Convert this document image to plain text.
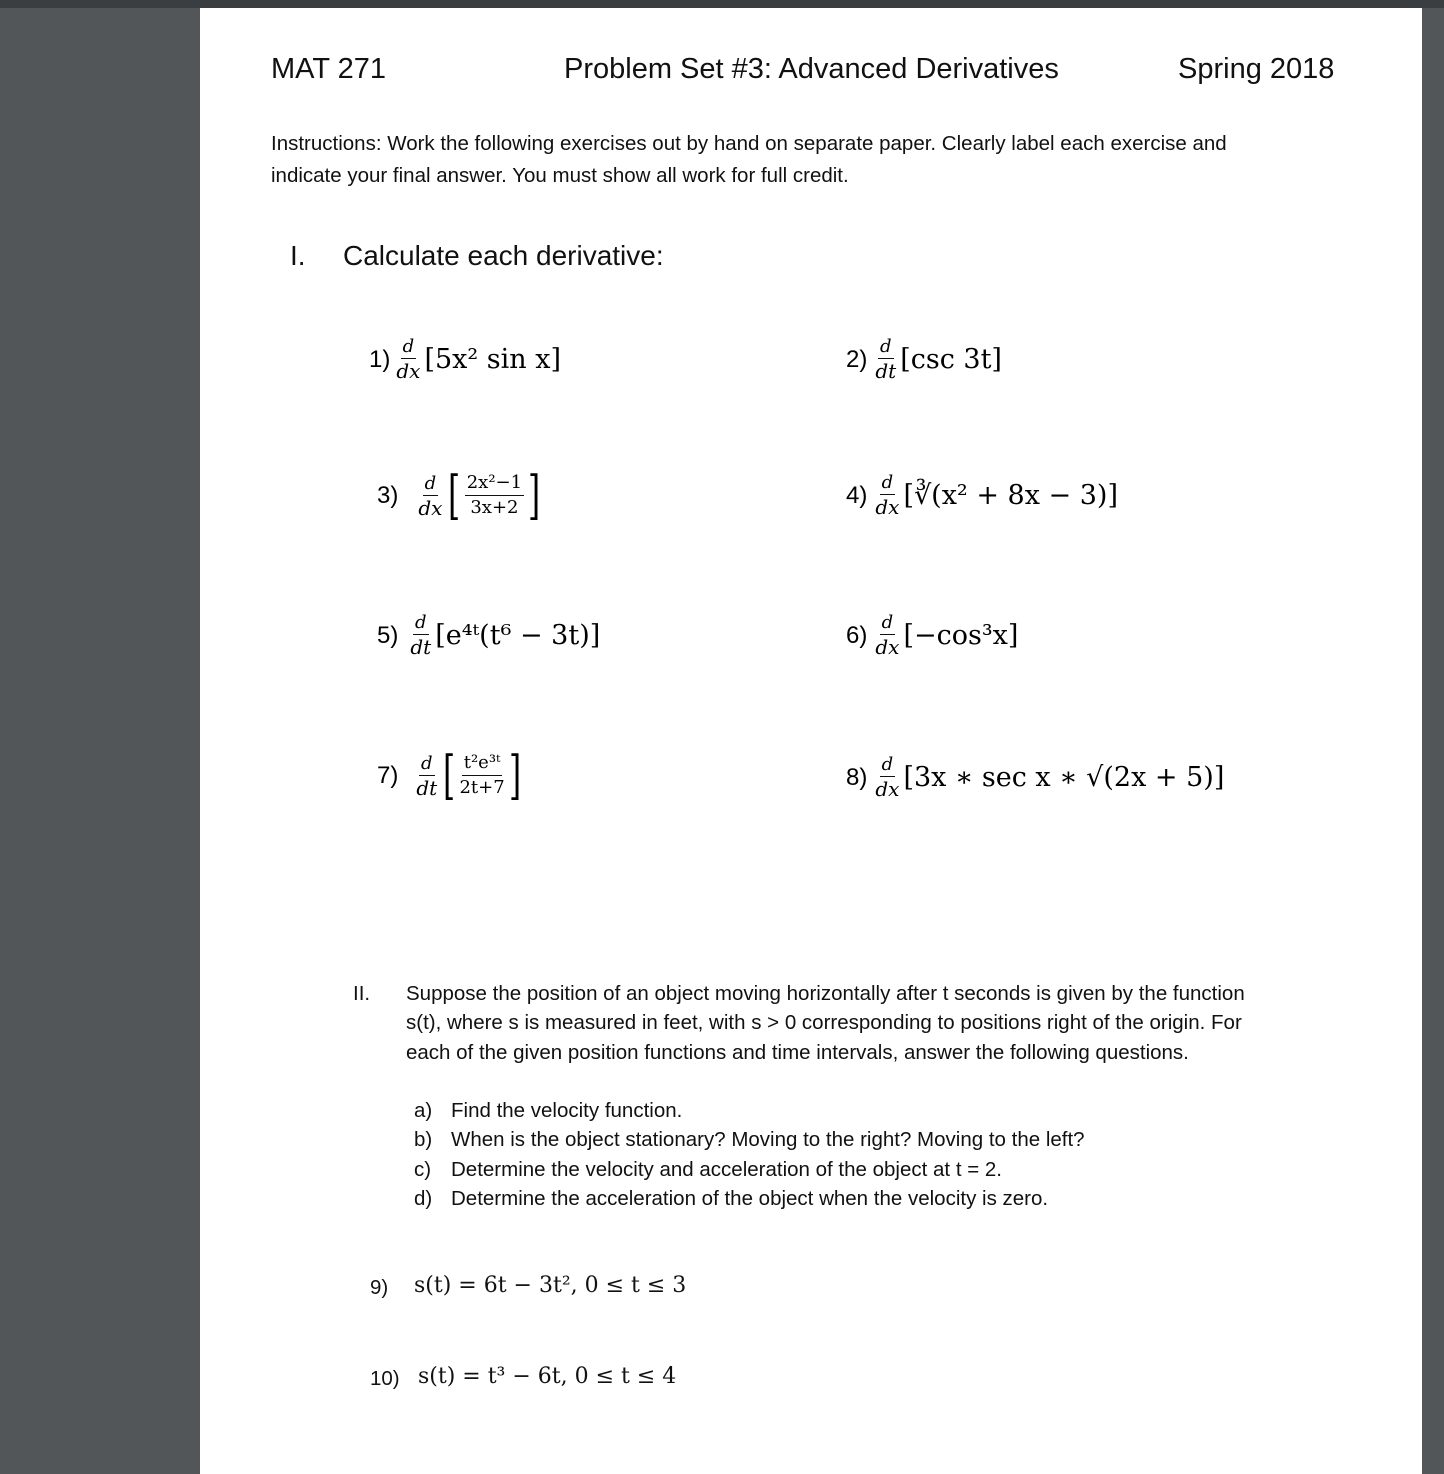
MAT 271	Problem Set #3: Advanced Derivatives	Spring 2018
Instructions: Work the following exercises out by hand on separate paper. Clearly label each exercise and
indicate your final answer. You must show all work for full credit.
I. Calculate each derivative:
$1) \frac{d}{dx} [5x^2$ sin x]	$2) \frac{d}{dt} [\csc$ 3t]
$3) \frac{d}{dx}$ [ 2x²−1
3x+2 ]	$4) \frac{d}{dx}$ [∛(x² + 8x − 3)]
$5) \frac{d}{dt}$ [e⁴ᵗ(t⁶ − 3t)]	$6) \frac{d}{dx} [-\cos^3x]$
$7) \frac{d}{dt}$ [ t²e³ᵗ
2t+7 ]	$8) \frac{d}{dx} [3x$ ∗ sec x ∗ √(2x + 5)]
II. Suppose the position of an object moving horizontally after t seconds is given by the function
s(t), where s is measured in feet, with s > 0 corresponding to positions right of the origin. For
each of the given position functions and time intervals, answer the following questions.
a) Find the velocity function.
b) When is the object stationary? Moving to the right? Moving to the left?
c) Determine the velocity and acceleration of the object at t = 2.
d) Determine the acceleration of the object when the velocity is zero.
9) s(t) = 6t − 3t², 0 ≤ t ≤ 3
10) s(t) = t³ − 6t, 0 ≤ t ≤ 4
